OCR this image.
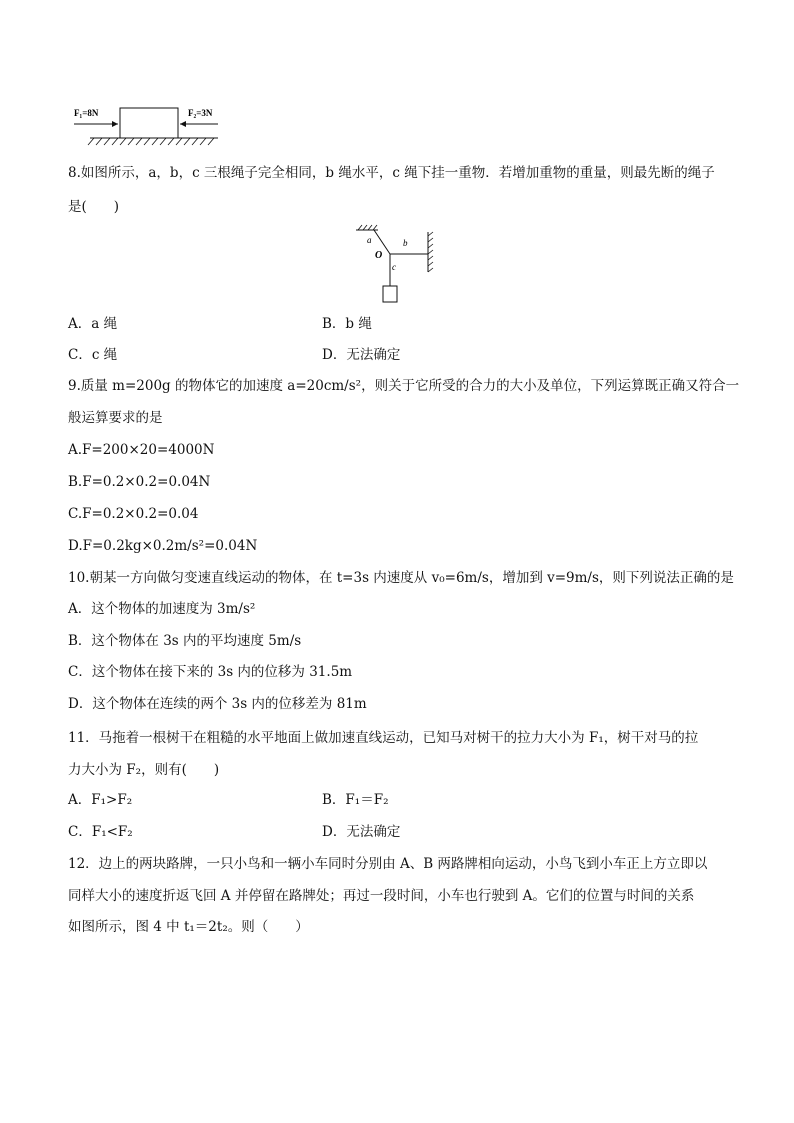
F₁=8N	F₂=3N
8.如图所示，a，b，c 三根绳子完全相同，b 绳水平，c 绳下挂一重物．若增加重物的重量，则最先断的绳子
是(　　)
a	b
c
O
A．a 绳	B．b 绳
C．c 绳	D．无法确定
9.质量 m=200g 的物体它的加速度 a=20cm/s²，则关于它所受的合力的大小及单位，下列运算既正确又符合一
般运算要求的是
A.F=200×20=4000N
B.F=0.2×0.2=0.04N
C.F=0.2×0.2=0.04
D.F=0.2kg×0.2m/s²=0.04N
10.朝某一方向做匀变速直线运动的物体，在 t=3s 内速度从 v₀=6m/s，增加到 v=9m/s，则下列说法正确的是
A．这个物体的加速度为 3m/s²
B．这个物体在 3s 内的平均速度 5m/s
C．这个物体在接下来的 3s 内的位移为 31.5m
D．这个物体在连续的两个 3s 内的位移差为 81m
11．马拖着一根树干在粗糙的水平地面上做加速直线运动，已知马对树干的拉力大小为 F₁，树干对马的拉
力大小为 F₂，则有(　　)
A．F₁>F₂	B．F₁＝F₂
C．F₁<F₂	D．无法确定
12．边上的两块路牌，一只小鸟和一辆小车同时分别由 A、B 两路牌相向运动，小鸟飞到小车正上方立即以
同样大小的速度折返飞回 A 并停留在路牌处；再过一段时间，小车也行驶到 A。它们的位置与时间的关系
如图所示，图 4 中 t₁＝2t₂。则（　　）
